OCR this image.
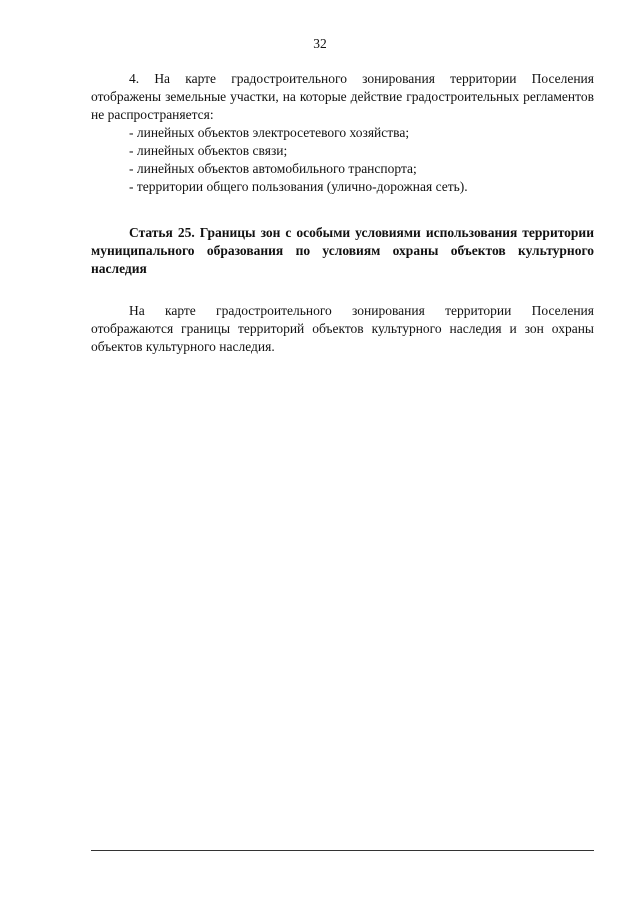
32

4. На карте градостроительного зонирования территории Поселения отображены земельные участки, на которые действие градостроительных регламентов не распространяется:

- линейных объектов электросетевого хозяйства;
- линейных объектов связи;
- линейных объектов автомобильного транспорта;
- территории общего пользования (улично-дорожная сеть).

Статья 25. Границы зон с особыми условиями использования территории муниципального образования по условиям охраны объектов культурного наследия

На карте градостроительного зонирования территории Поселения отображаются границы территорий объектов культурного наследия и зон охраны объектов культурного наследия.
